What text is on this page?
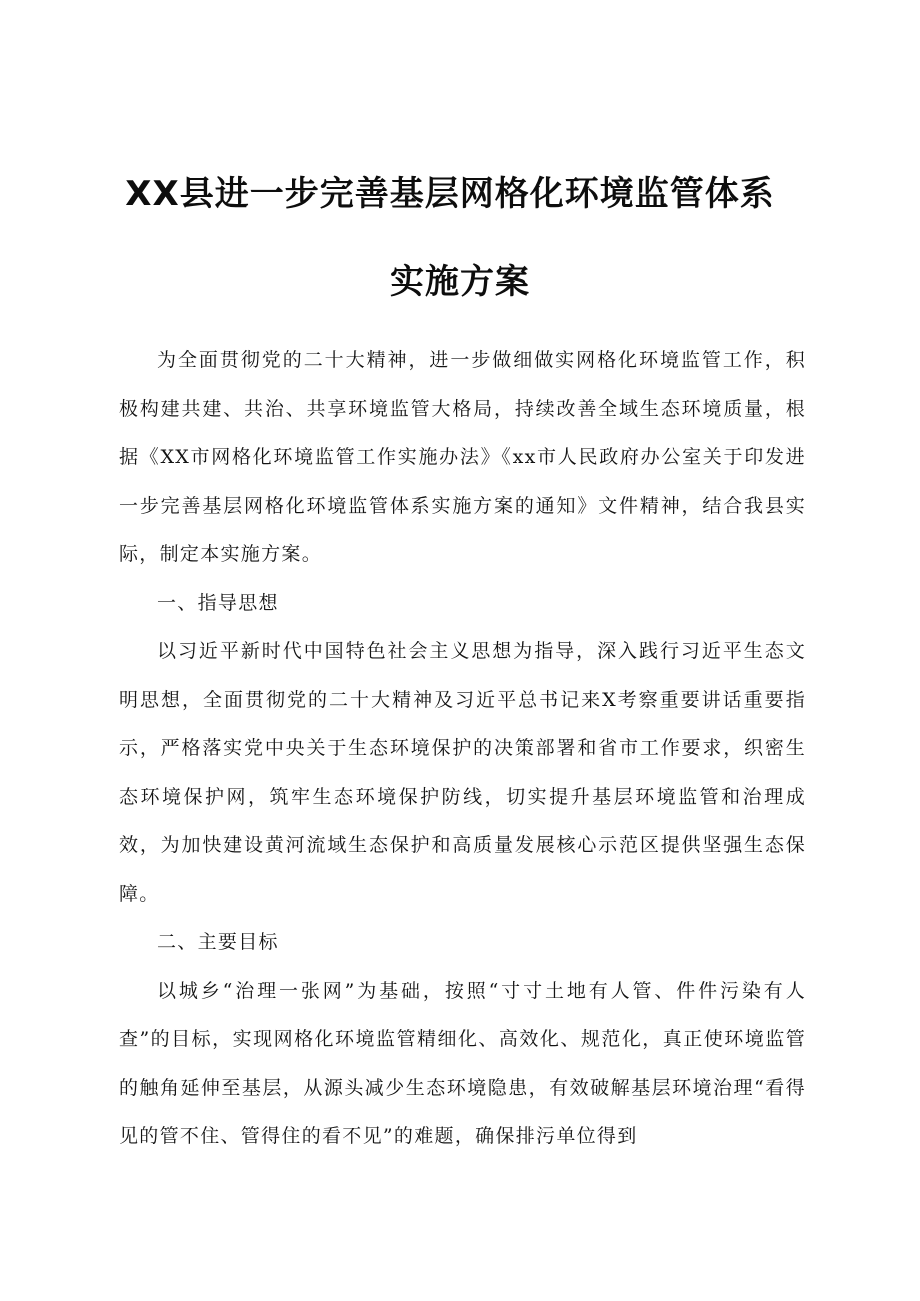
XX县进一步完善基层网格化环境监管体系
实施方案

为全面贯彻党的二十大精神，进一步做细做实网格化环境监管工作，积极构建共建、共治、共享环境监管大格局，持续改善全域生态环境质量，根据《XX市网格化环境监管工作实施办法》《xx市人民政府办公室关于印发进一步完善基层网格化环境监管体系实施方案的通知》文件精神，结合我县实际，制定本实施方案。

一、指导思想

以习近平新时代中国特色社会主义思想为指导，深入践行习近平生态文明思想，全面贯彻党的二十大精神及习近平总书记来X考察重要讲话重要指示，严格落实党中央关于生态环境保护的决策部署和省市工作要求，织密生态环境保护网，筑牢生态环境保护防线，切实提升基层环境监管和治理成效，为加快建设黄河流域生态保护和高质量发展核心示范区提供坚强生态保障。

二、主要目标

以城乡“治理一张网”为基础，按照“寸寸土地有人管、件件污染有人查”的目标，实现网格化环境监管精细化、高效化、规范化，真正使环境监管的触角延伸至基层，从源头减少生态环境隐患，有效破解基层环境治理“看得见的管不住、管得住的看不见”的难题，确保排污单位得到
